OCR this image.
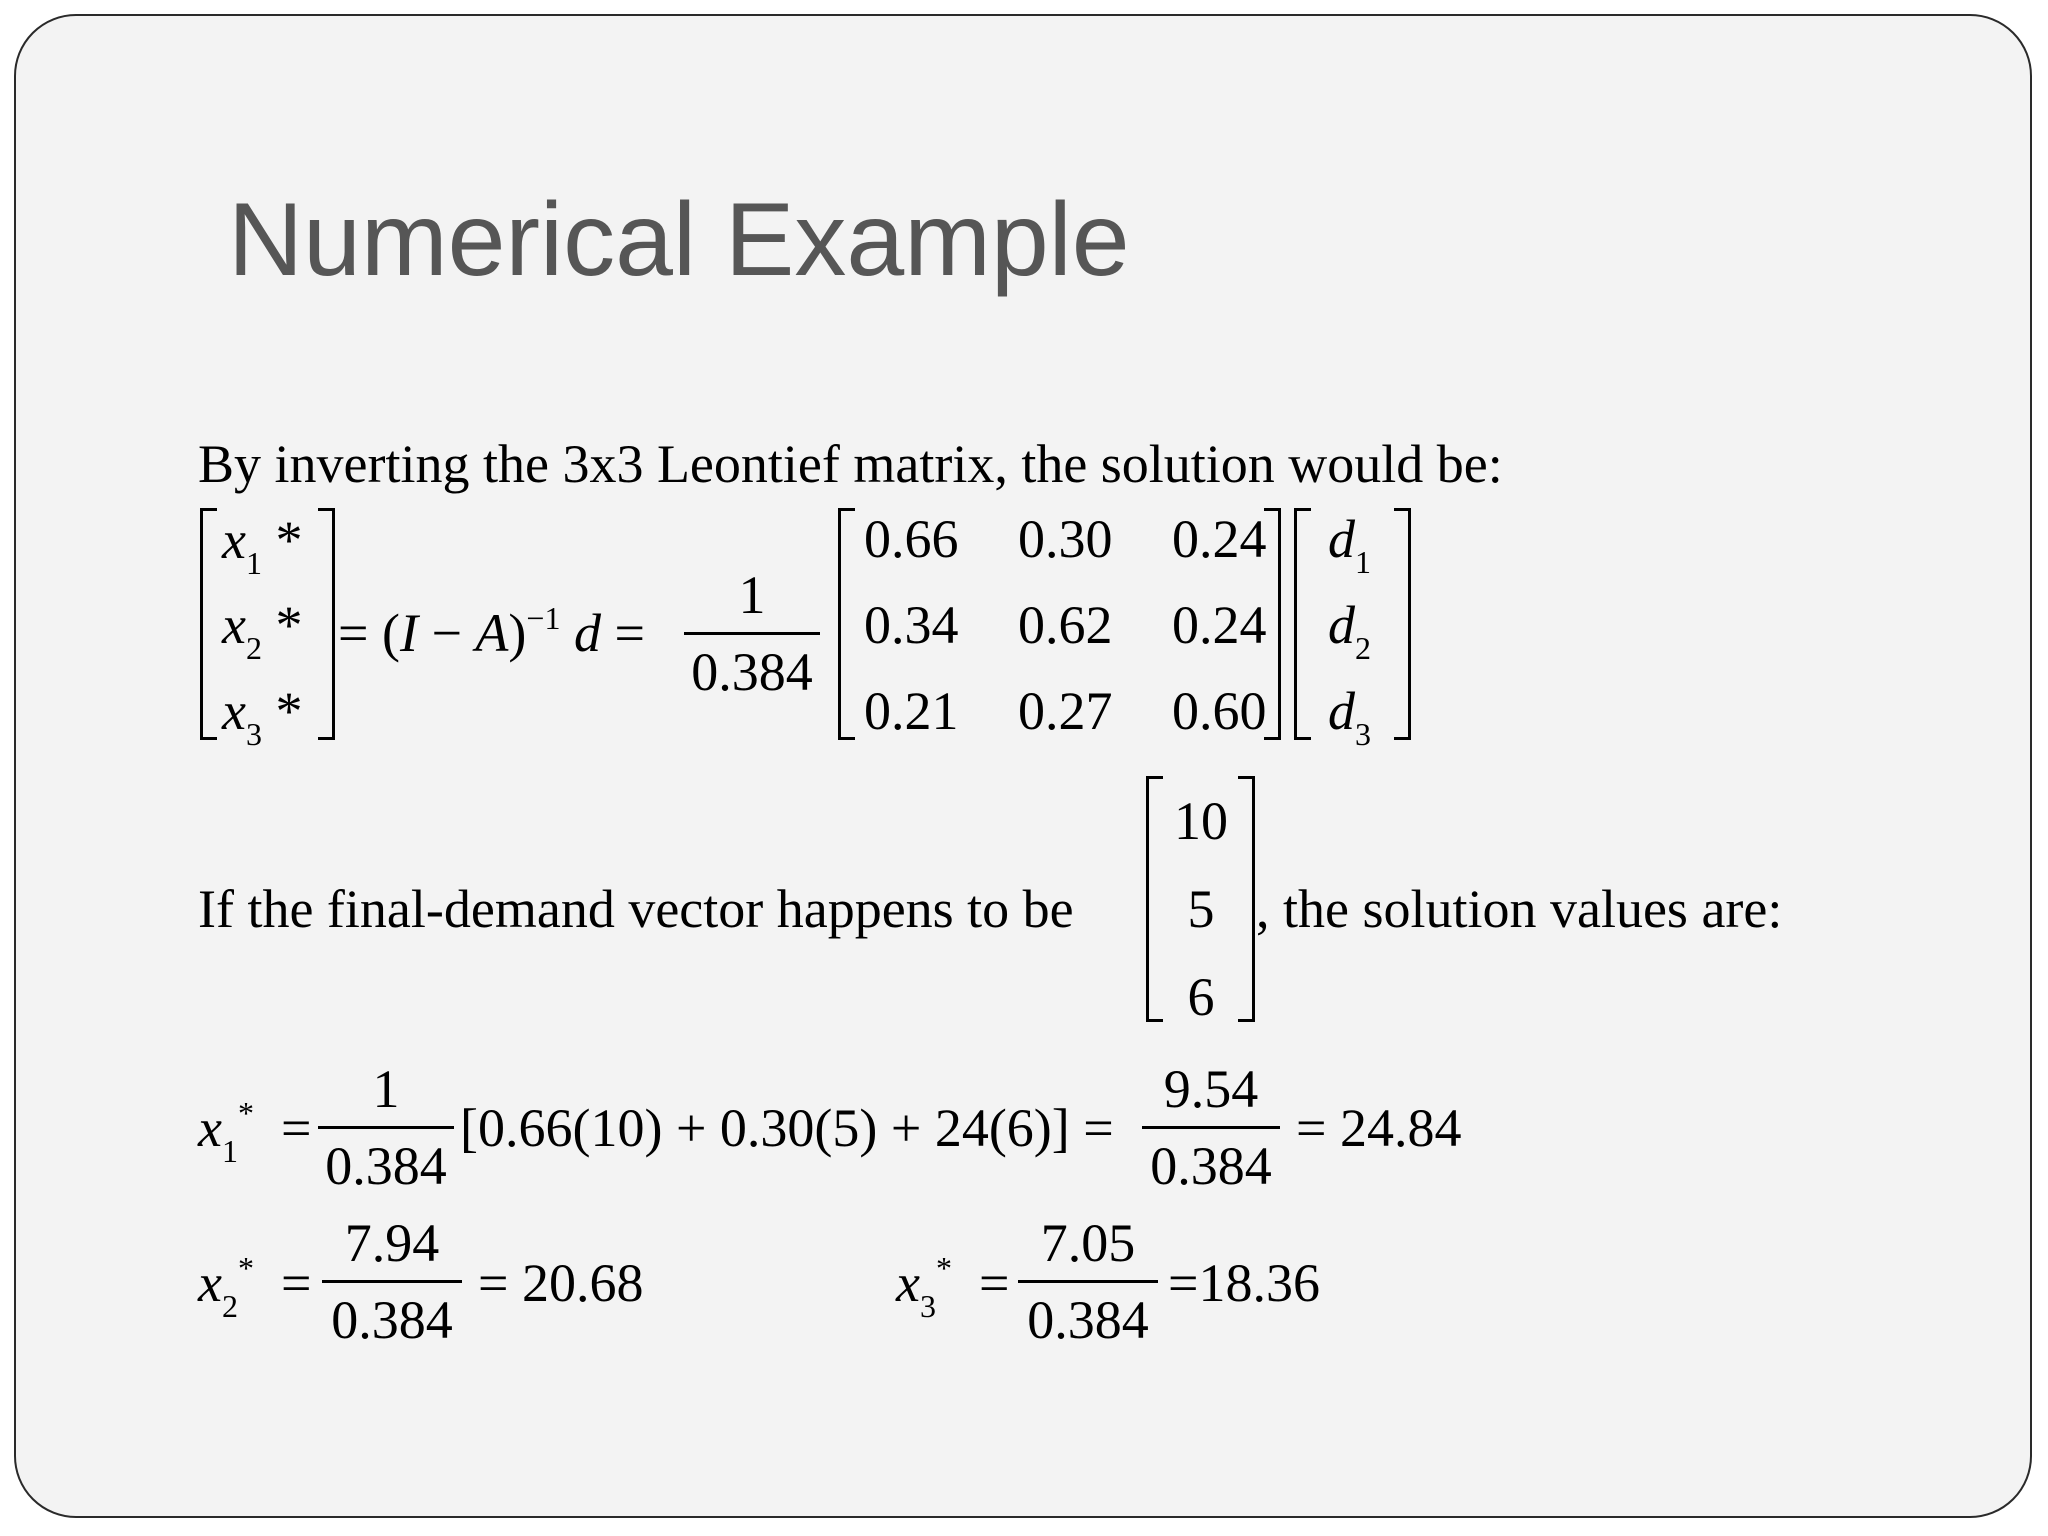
Numerical Example
By inverting the 3x3 Leontief matrix, the solution would be:
$x_1$ *
$x_2$ *
$x_3$ *
= $(I - A)^{-1}$ d =
1
0.384
0.66 0.30 0.24
0.34 0.62 0.24
0.21 0.27 0.60
$d_1$
$d_2$
$d_3$
If the final-demand vector happens to be
10
5
6
, the solution values are:
$x_1^*$ =
1
0.384
[0.66(10) + 0.30(5) + 24(6)] =
9.54
0.384
= 24.84
$x_2^*$ =
7.94
0.384
= 20.68	$x_3^*$ =
7.05
0.384
=18.36
